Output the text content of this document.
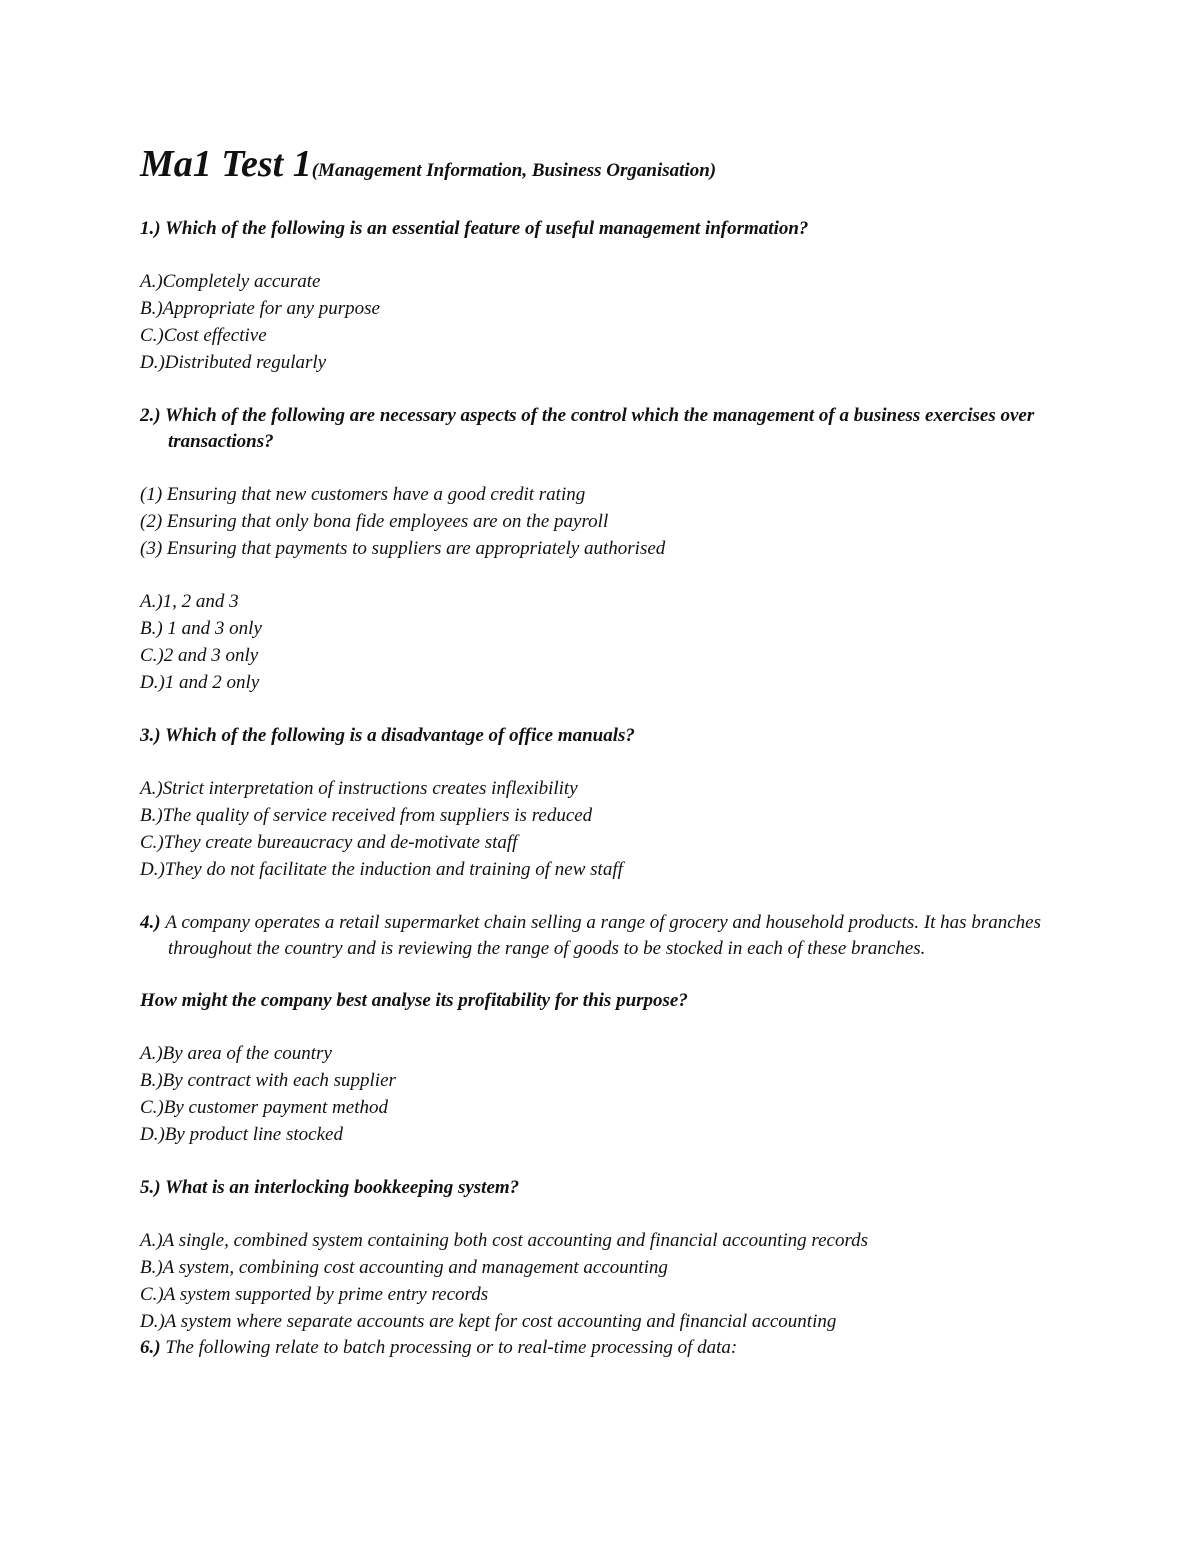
Ma1 Test 1(Management Information, Business Organisation)

1.) Which of the following is an essential feature of useful management information?

A.)Completely accurate
B.)Appropriate for any purpose
C.)Cost effective
D.)Distributed regularly

2.) Which of the following are necessary aspects of the control which the management of a business exercises over transactions?

(1) Ensuring that new customers have a good credit rating
(2) Ensuring that only bona fide employees are on the payroll
(3) Ensuring that payments to suppliers are appropriately authorised
A.)1, 2 and 3
B.) 1 and 3 only
C.)2 and 3 only
D.)1 and 2 only

3.) Which of the following is a disadvantage of office manuals?

A.)Strict interpretation of instructions creates inflexibility
B.)The quality of service received from suppliers is reduced
C.)They create bureaucracy and de-motivate staff
D.)They do not facilitate the induction and training of new staff

4.) A company operates a retail supermarket chain selling a range of grocery and household products. It has branches throughout the country and is reviewing the range of goods to be stocked in each of these branches.

How might the company best analyse its profitability for this purpose?

A.)By area of the country
B.)By contract with each supplier
C.)By customer payment method
D.)By product line stocked

5.) What is an interlocking bookkeeping system?

A.)A single, combined system containing both cost accounting and financial accounting records
B.)A system, combining cost accounting and management accounting
C.)A system supported by prime entry records
D.)A system where separate accounts are kept for cost accounting and financial accounting

6.) The following relate to batch processing or to real-time processing of data:
